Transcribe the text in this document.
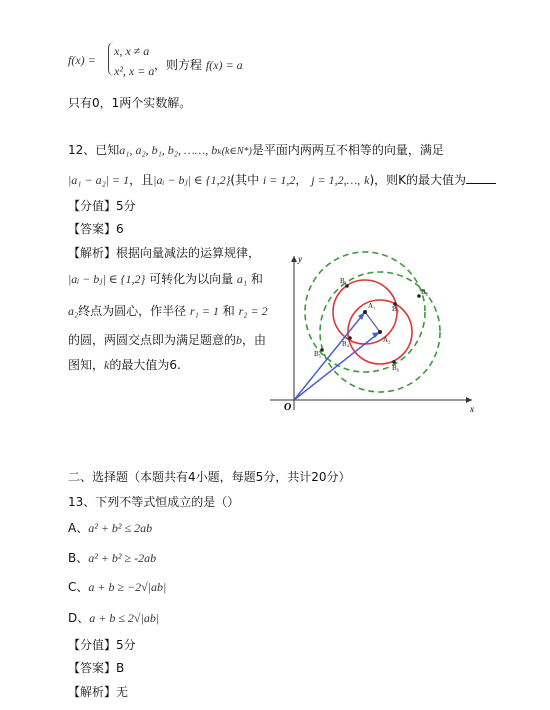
f(x) =
x, x ≠ a
x², x = a ，则方程 f(x) = a
只有0，1两个实数解。
12、已知a₁, a₂, b₁, b₂, ……, bₖ(k∈N*)是平面内两两互不相等的向量，满足
|a₁ − a₂| = 1，且|aᵢ − bⱼ| ∈ {1,2}(其中 i = 1,2， j = 1,2,…, k)，则K的最大值为
【分值】5分
【答案】6
【解析】根据向量减法的运算规律，
|aᵢ − bⱼ| ∈ {1,2} 可转化为以向量 a₁ 和
a₂终点为圆心，作半径 r₁ = 1 和 r₂ = 2
的圆，两圆交点即为满足题意的b，由
图知，k的最大值为6.
x
y
O
B₁
B₂
B₃
B₄
B₅
B₆
A₁
A₂
二、选择题（本题共有4小题，每题5分，共计20分）
13、下列不等式恒成立的是（）
A、a² + b² ≤ 2ab
B、a² + b² ≥ -2ab
C、a + b ≥ −2√|ab|
D、a + b ≤ 2√|ab|
【分值】5分
【答案】B
【解析】无
